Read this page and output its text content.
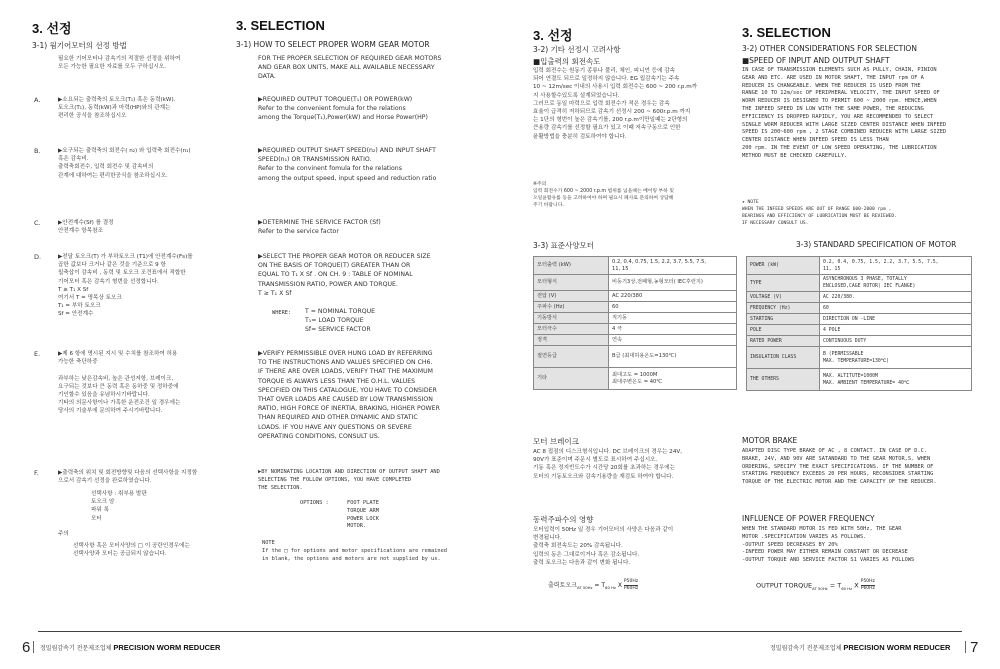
3. 선정	3. SELECTION
3-1) 웜기어모터의 선정 방법	3-1) HOW TO SELECT PROPER WORM GEAR MOTOR
필요한 기어모터나 감속기의 적절한 선정을 위하여
모든 가능한 필요한 자료를 모두 구하십시오.
FOR THE PROPER SELECTION OF REQUIRED GEAR MOTORS
AND GEAR BOX UNITS, MAKE ALL AVAILABLE NECESSARY
DATA.
A.	▶소요되는 출력축의 토오크(T₁) 혹은 동력(kW).
토오크(T₁), 동력(kW)과 마력(HP)와의 관계는
편리한 공식을 참조하십시오
▶REQUIRED OUTPUT TORQUE(T₁) OR POWER(kW)
Refer to the convenient fomula for the relations
among the Torque(T₁),Power(kW) and Horse Power(HP)
B.	▶요구되는 출력축의 회전수( n₂) 와 입력축 회전수(n₁)
혹은 감속비.
출력축회전수, 입력 회전수 및 감속비의
관계에 대하여는 편리한공식을 참조하십시오.
▶REQUIRED OUTPUT SHAFT SPEED(n₂) AND INPUT SHAFT
SPEED(n₁) OR TRANSMISSION RATIO.
Refer to the convinent fomula for the relations
among the output speed, input speed and reduction ratio
C.	▶안전계수(Sf) 를 결정
안전계수 항목참조
▶DETERMINE THE SERVICE FACTOR (Sf)
Refer to the service factor
D.	▶전달 토오크(T) 가 부하토오크 (T1)에 안전계수(Fs)를
곱한 값보다 크거나 같은 것을 기준으로 9 항
웜축삽이 감속비 , 동력 및 토오크 조견표에서 적합한
기어모터 혹은 감속기 형번을 선정합니다.
T ≥ T₁ X Sf
여기서 T = 명목상 토오크
T₁ = 부하 토오크
Sf = 안전계수
▶SELECT THE PROPER GEAR MOTOR OR REDUCER SIZE
ON THE BASIS OF TORQUE(T) GREATER THAN OR
EQUAL TO T₁ X Sf . ON CH. 9 : TABLE OF NOMINAL
TRANSMISSION RATIO, POWER AND TORQUE.
T ≥ T₁ X Sf
WHERE: T = NOMINAL TORQUE
T₁= LOAD TORQUE
Sf= SERVICE FACTOR
E.	▶제 6 항에 명시된 지시 및 수치를 참조하여 허용
가능한 축단하중

과부하는 낮은감속비, 높은 관성저항, 브레이크,
요구되는 것보다 큰 동력 혹은 동하중 및 정하중에
기인할수 있음을 유념하시기바랍니다.
기타의 의문사항이나 가혹한 운전조건 일 경우에는
당사의 기술부에 문의하여 주시기바랍니다.
▶VERIFY PERMISSIBLE OVER HUNG LOAD BY REFERRING
TO THE INSTRUCTIONS AND VALUES SPECIFIED ON CH6.
IF THERE ARE OVER LOADS, VERIFY THAT THE MAXIMUM
TORQUE IS ALWAYS LESS THAN THE O.H.L. VALUES
SPECIFIED ON THIS CATALOGUE, YOU HAVE TO CONSIDER
THAT OVER LOADS ARE CAUSED BY LOW TRANSMISSION
RATIO, HIGH FORCE OF INERTIA, BRAKING, HIGHER POWER
THAN REQUIRED AND OTHER DYNAMIC AND STATIC
LOADS. IF YOU HAVE ANY QUESTIONS OR SEVERE
OPERATING CONDITIONS, CONSULT US.
F.	▶출력축의 위치 및 회전방향및 다음의 선택사항을 지정함
으로서 감속기 선정을 완료하였습니다.
선택사항 : 취부용 발판
토오크 암
파워 록
모터
주의
선택사항 혹은 모터사양의 □ 이 공란인경우에는
선택사양과 모터는 공급되지 않습니다.
▶BY NOMINATING LOCATION AND DIRECTION OF OUTPUT SHAFT AND
SELECTING THE FOLLOW OPTIONS, YOU HAVE COMPLETED
THE SELECTION.
OPTIONS :	FOOT PLATE
TORQUE ARM
POWER LOCK
MOTOR.
NOTE
If the □ for options and motor specifications are remained
in blank, the options and motors are not supplied by us.
6 정밀웜감속기 전문제조업체 PRECISION WORM REDUCER
3. 선정	3. SELECTION
3-2) 기타 선정시 고려사항	3-2) OTHER CONSIDERATIONS FOR SELECTION
■입출력의 회전속도
입력 회전수는 원동기 종류나 풀리, 체인, 피니언 등에 감속
되어 연결도 되므로 일정하지 않습니다. EG 웜감속기는 주속
10 ~ 12m/sec 이내의 사용시 입력 회전수는 600 ~ 200 r.p.m까
지 사용할수있도록 설계되었습니다.
그러므로 동일 마력으로 입력 회전수가 적은 경우는 감속
효율이 급격히 저하되므로 감속기 선정시 200 ~ 600r.p.m 까지
는 1단의 형번이 높은 감속기를, 200 r.p.m이만일때는 2단형의
큰용량 감속기를 선정할 필요가 있고 이때 저속구동으로 인한
윤활방법을 충분히 검토하여야 합니다.
※주의
입력 회전수가 600 ~ 2000 r.p.m 범위를 넘을때는 베어링 부하 및
오일윤활유를 등을 고려하여야 하며 필요시 폐사로 문의하여 상담해
주기 바랍니다.
■SPEED OF INPUT AND OUTPUT SHAFT
IN CASE OF TRANSMISSION ELEMENTS SUCH AS PULLY, CHAIN, PINION
GEAR AND ETC. ARE USED IN MOTOR SHAFT, THE INPUT rpm OF A
REDUCER IS CHANGEABLE. WHEN THE REDUCER IS USED FROM THE
RANGE 10 TO 12m/sec OF PERIPHERAL VELOCITY, THE INPUT SPEED OF
WORM REDUCER IS DESIGNED TO PERMIT 600 ~ 2000 rpm. HENCE,WHEN
THE INFEED SPEED IN LOW WITH THE SAME POWER, THE REDUCING
EFFICIENCY IS DROPPED RAPIDLY, YOU ARE RECOMMENDED TO SELECT
SINGLE WORM REDUCER WITH LARGE SIZED CENTER DISTANCE WHEN INFEED
SPEED IS 200~600 rpm , 2 STAGE COMBINED REDUCER WITH LARGE SIZED
CENTER DISTANCE WHEN INFEED SPEED IS LESS THAN
200 rpm. IN THE EVENT OF LOW SPEED OPERATING, THE LUBRICATION
METHOD MUST BE CHECKED CAREFULLY.
★ NOTE
WHEN THE INFEED SPEEDS ARE OUT OF RANGE 600-2000 rpm ,
BEARINGS AND EFFICIENCY OF LUBRICATION MUST BE REVIEWED.
IF NECESSARY CONSULT US.
3-3) 표준사양모터	3-3) STANDARD SPECIFICATION OF MOTOR
모터출력 (kW)	0.2, 0.4, 0.75, 1.5, 2.2, 3.7, 5.5, 7.5,
11, 15
모터형식	비동기3상,전폐형,농형모터( IEC후런지)
전압 (V)	AC 220/380
주파수 (Hz)	60
기동방식	직기동
모터극수	4 극
정격	연속
절연등급	B급 (최대허용온도=130℃)
기타	최대고도 = 1000M
최대주변온도 = 40℃
POWER (kW)	0.2, 0.4, 0.75, 1.5, 2.2, 3.7, 5.5, 7.5,
11, 15
TYPE	ASYNCHRONOUS 3 PHASE, TOTALLY
ENCLOSED,CAGE ROTOR( IEC FLANGE)
VOLTAGE (V)	AC 220/380.
FREQUENCY (Hz)	60
STARTING	DIRECTION ON -LINE
POLE	4 POLE
RATED POWER	CONTINUOUS DUTY
INSULATION CLASS	B (PERMISSABLE
MAX. TEMPERATURE=130℃)
THE OTHERS	MAX. ALTITUTE=1000M
MAX. AMBIENT TEMPERATURE= 40℃
모터 브레이크
AC 8 접점의 디스크형식입니다. DC 브레이크의 경우는 24V,
90V가 표준이며 주문시 별도로 표시하여 주십시오.
기동 혹은 정지빈도수가 시간당 20회를 초과하는 경우에는
모터의 기동토오크와 감속기용량을 재검토 하여야 합니다.
MOTOR BRAKE
ADAPTED DISC TYPE BRAKE OF AC , 8 CONTACT. IN CASE OF D.C.
BRAKE, 24V, AND 90V ARE SATANDARD TO THE GEAR MOTOR,S. WHEN
ORDERING, SPECIFY THE EXACT SPECIFICATIONS. IF THE NUMBER OF
STARTING FREQUENCY EXCEEDS 20 PER HOURS, RECONSIDER STARTING
TORQUE OF THE ELECTRIC MOTOR AND THE CAPACITY OF THE REDUCER.
동력주파수의 영향
모터입력이 50Hz 일 경우 기어모터의 사양은 다음과 같이
변경됩니다.
출력축 회전속도는 20% 감속됩니다.
입력의 동은 그대로이거나 혹은 감소됩니다.
출력 토오크는 다음과 같이 변화 됩니다.
출력토오크$_{AT 50Hz} = T_{60 Hz}$ X $\frac{P50Hz}{P60Hz}$
INFLUENCE OF POWER FREQUENCY
WHEN THE STANDARD MOTOR IS FED WITH 50Hz, THE GEAR
MOTOR .SPECIFICATION VARIES AS FOLLOWS.
-OUTPUT SPEED DECREASES BY 20%
-INFEED POWER MAY EITHER REMAIN CONSTANT OR DECREASE
-OUTPUT TORQUE AND SERVICE FACTOR S1 VARIES AS FOLLOWS
OUTPUT $TORQUE_{AT 50Hz} = T_{60 Hz}$ X $\frac{P50Hz}{P60Hz}$
정밀웜감속기 전문제조업체 PRECISION WORM REDUCER 7
